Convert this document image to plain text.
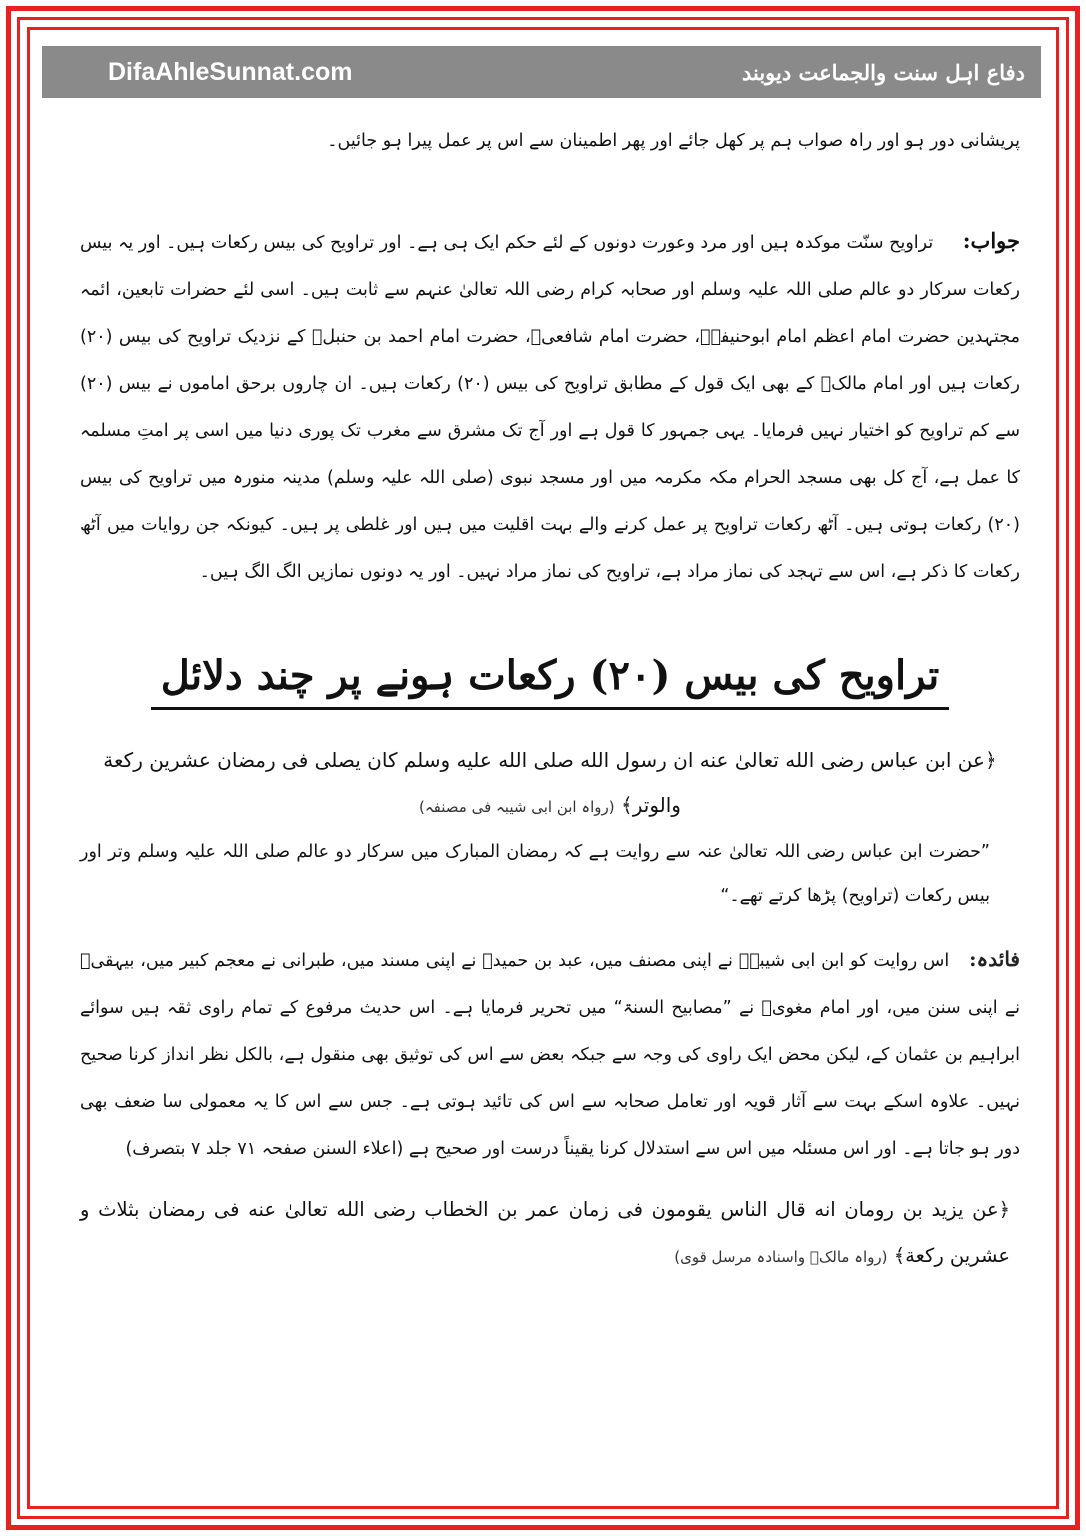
DifaAhleSunnat.com	دفاع اہل سنت والجماعت دیوبند

پریشانی دور ہو اور راہ صواب ہم پر کھل جائے اور پھر اطمینان سے اس پر عمل پیرا ہو جائیں۔

جواب: تراویح سنّت موکدہ ہیں اور مرد وعورت دونوں کے لئے حکم ایک ہی ہے۔ اور تراویح کی بیس رکعات ہیں۔ اور یہ بیس رکعات سرکار دو عالم صلی اللہ علیہ وسلم اور صحابہ کرام رضی اللہ تعالیٰ عنہم سے ثابت ہیں۔ اسی لئے حضرات تابعین، ائمہ مجتہدین حضرت امام اعظم امام ابوحنیفہؒ، حضرت امام شافعیؒ، حضرت امام احمد بن حنبلؒ کے نزدیک تراویح کی بیس (۲۰) رکعات ہیں اور امام مالکؒ کے بھی ایک قول کے مطابق تراویح کی بیس (۲۰) رکعات ہیں۔ ان چاروں برحق اماموں نے بیس (۲۰) سے کم تراویح کو اختیار نہیں فرمایا۔ یہی جمہور کا قول ہے اور آج تک مشرق سے مغرب تک پوری دنیا میں اسی پر امتِ مسلمہ کا عمل ہے، آج کل بھی مسجد الحرام مکہ مکرمہ میں اور مسجد نبوی (صلی اللہ علیہ وسلم) مدینہ منورہ میں تراویح کی بیس (۲۰) رکعات ہوتی ہیں۔ آٹھ رکعات تراویح پر عمل کرنے والے بہت اقلیت میں ہیں اور غلطی پر ہیں۔ کیونکہ جن روایات میں آٹھ رکعات کا ذکر ہے، اس سے تہجد کی نماز مراد ہے، تراویح کی نماز مراد نہیں۔ اور یہ دونوں نمازیں الگ الگ ہیں۔

تراویح کی بیس (۲۰) رکعات ہونے پر چند دلائل

﴿عن ابن عباس رضی الله تعالیٰ عنه ان رسول الله صلی الله علیه وسلم کان یصلی فی رمضان عشرین رکعة والوتر﴾ (رواہ ابن ابی شیبہ فی مصنفہ)

”حضرت ابن عباس رضی اللہ تعالیٰ عنہ سے روایت ہے کہ رمضان المبارک میں سرکار دو عالم صلی اللہ علیہ وسلم وتر اور بیس رکعات (تراویح) پڑھا کرتے تھے۔“

فائدہ: اس روایت کو ابن ابی شیبہؒ نے اپنی مصنف میں، عبد بن حمیدؒ نے اپنی مسند میں، طبرانی نے معجم کبیر میں، بیہقیؒ نے اپنی سنن میں، اور امام مغویؒ نے ”مصابیح السنۃ“ میں تحریر فرمایا ہے۔ اس حدیث مرفوع کے تمام راوی ثقہ ہیں سوائے ابراہیم بن عثمان کے، لیکن محض ایک راوی کی وجہ سے جبکہ بعض سے اس کی توثیق بھی منقول ہے، بالکل نظر انداز کرنا صحیح نہیں۔ علاوہ اسکے بہت سے آثار قویہ اور تعامل صحابہ سے اس کی تائید ہوتی ہے۔ جس سے اس کا یہ معمولی سا ضعف بھی دور ہو جاتا ہے۔ اور اس مسئلہ میں اس سے استدلال کرنا یقیناً درست اور صحیح ہے (اعلاء السنن صفحہ ۷۱ جلد ۷ بتصرف)

﴿عن یزید بن رومان انه قال الناس یقومون فی زمان عمر بن الخطاب رضی الله تعالیٰ عنه فی رمضان بثلاث و عشرین رکعة﴾ (رواہ مالکؒ واسنادہ مرسل قوی)
